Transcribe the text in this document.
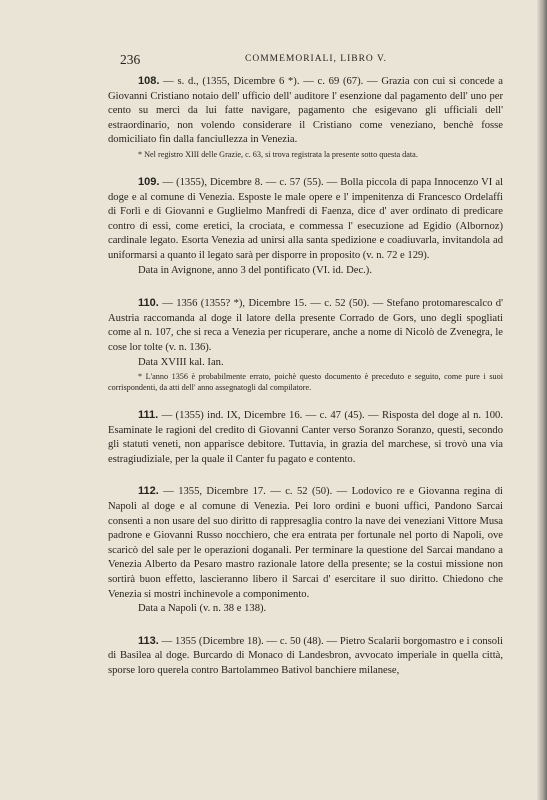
236	COMMEMORIALI, LIBRO V.

108. — s. d., (1355, Dicembre 6 *). — c. 69 (67). — Grazia con cui si concede a Giovanni Cristiano notaio dell' ufficio dell' auditore l' esenzione dal pagamento dell' uno per cento su merci da lui fatte navigare, pagamento che esigevano gli ufficiali dell' estraordinario, non volendo considerare il Cristiano come veneziano, benchè fosse domiciliato fin dalla fanciullezza in Venezia.

* Nel registro XIII delle Grazie, c. 63, si trova registrata la presente sotto questa data.

109. — (1355), Dicembre 8. — c. 57 (55). — Bolla piccola di papa Innocenzo VI al doge e al comune di Venezia. Esposte le male opere e l' impenitenza di Francesco Ordelaffi di Forlì e di Giovanni e Guglielmo Manfredi di Faenza, dice d' aver ordinato di predicare contro di essi, come eretici, la crociata, e commessa l' esecuzione ad Egidio (Albornoz) cardinale legato. Esorta Venezia ad unirsi alla santa spedizione e coadiuvarla, invitandola ad uniformarsi a quanto il legato sarà per disporre in proposito (v. n. 72 e 129).

Data in Avignone, anno 3 del pontificato (VI. id. Dec.).

110. — 1356 (1355? *), Dicembre 15. — c. 52 (50). — Stefano protomarescalco d' Austria raccomanda al doge il latore della presente Corrado de Gors, uno degli spogliati come al n. 107, che si reca a Venezia per ricuperare, anche a nome di Nicolò de Zvenegra, le cose lor tolte (v. n. 136).

Data XVIII kal. Ian.
* L'anno 1356 è probabilmente errato, poichè questo documento è preceduto e seguito, come pure i suoi corrispondenti, da atti dell' anno assegnatogli dal compilatore.

111. — (1355) ind. IX, Dicembre 16. — c. 47 (45). — Risposta del doge al n. 100. Esaminate le ragioni del credito di Giovanni Canter verso Soranzo Soranzo, questi, secondo gli statuti veneti, non apparisce debitore. Tuttavia, in grazia del marchese, si trovò una via estragiudiziale, per la quale il Canter fu pagato e contento.

112. — 1355, Dicembre 17. — c. 52 (50). — Lodovico re e Giovanna regina di Napoli al doge e al comune di Venezia. Pei loro ordini e buoni uffici, Pandono Sarcai consentì a non usare del suo diritto di rappresaglia contro la nave dei veneziani Vittore Musa padrone e Giovanni Russo nocchiero, che era entrata per fortunale nel porto di Napoli, ove scaricò del sale per le operazioni doganali. Per terminare la questione del Sarcai mandano a Venezia Alberto da Pesaro mastro razionale latore della presente; se la costui missione non sortirà buon effetto, lascieranno libero il Sarcai d' esercitare il suo diritto. Chiedono che Venezia si mostri inchinevole a componimento.

Data a Napoli (v. n. 38 e 138).

113. — 1355 (Dicembre 18). — c. 50 (48). — Pietro Scalarii borgomastro e i consoli di Basilea al doge. Burcardo di Monaco di Landesbron, avvocato imperiale in quella città, sporse loro querela contro Bartolammeo Bativol banchiere milanese,
